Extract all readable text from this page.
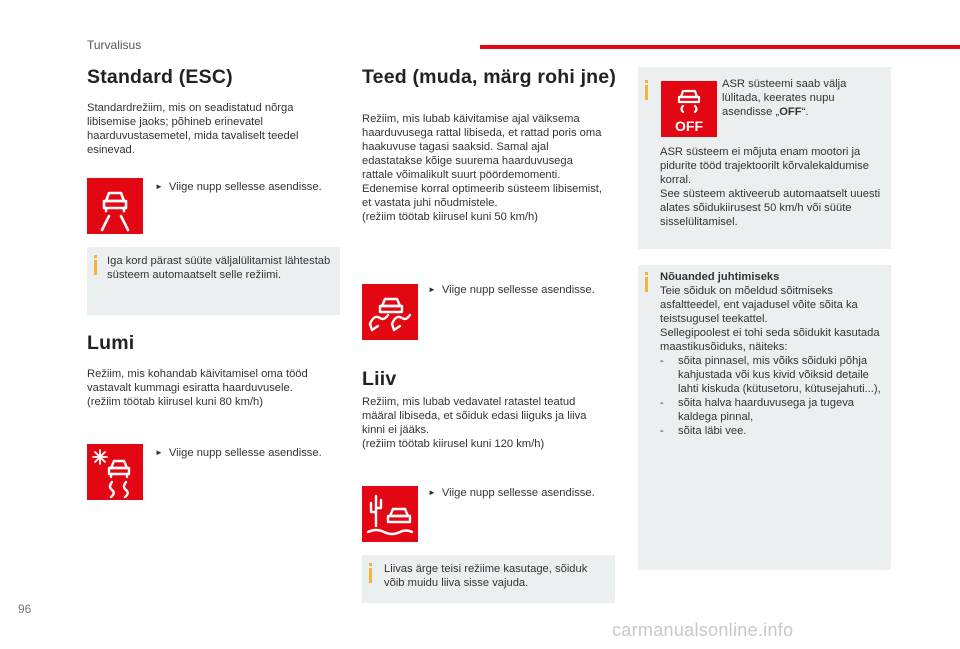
Turvalisus
Standard (ESC)

Standardrežiim, mis on seadistatud nõrga libisemise jaoks; põhineb erinevatel haarduvustasemetel, mida tavaliselt teedel esinevad.

► Viige nupp sellesse asendisse.
Iga kord pärast süüte väljalülitamist lähtestab süsteem automaatselt selle režiimi.
Lumi

Režiim, mis kohandab käivitamisel oma tööd vastavalt kummagi esiratta haarduvusele.
(režiim töötab kiirusel kuni 80 km/h)

► Viige nupp sellesse asendisse.
Teed (muda, märg rohi jne)

Režiim, mis lubab käivitamise ajal väiksema haarduvusega rattal libiseda, et rattad poris oma haakuvuse tagasi saaksid. Samal ajal edastatakse kõige suurema haarduvusega rattale võimalikult suurt pöördemomenti.
Edenemise korral optimeerib süsteem libisemist, et vastata juhi nõudmistele.
(režiim töötab kiirusel kuni 50 km/h)

► Viige nupp sellesse asendisse.
Liiv

Režiim, mis lubab vedavatel ratastel teatud määral libiseda, et sõiduk edasi liiguks ja liiva kinni ei jääks.
(režiim töötab kiirusel kuni 120 km/h)

► Viige nupp sellesse asendisse.
Liivas ärge teisi režiime kasutage, sõiduk võib muidu liiva sisse vajuda.
OFF
ASR süsteemi saab välja lülitada, keerates nupu asendisse „OFF“.
ASR süsteem ei mõjuta enam mootori ja pidurite tööd trajektoorilt kõrvalekaldumise korral.
See süsteem aktiveerub automaatselt uuesti alates sõidukiirusest 50 km/h või süüte sisselülitamisel.
Nõuanded juhtimiseks
Teie sõiduk on mõeldud sõitmiseks asfaltteedel, ent vajadusel võite sõita ka teistsugusel teekattel.
Sellegipoolest ei tohi seda sõidukit kasutada maastikusõiduks, näiteks:
- sõita pinnasel, mis võiks sõiduki põhja kahjustada või kus kivid võiksid detaile lahti kiskuda (kütusetoru, kütusejahuti...),
- sõita halva haarduvusega ja tugeva kaldega pinnal,
- sõita läbi vee.
96
carmanualsonline.info
